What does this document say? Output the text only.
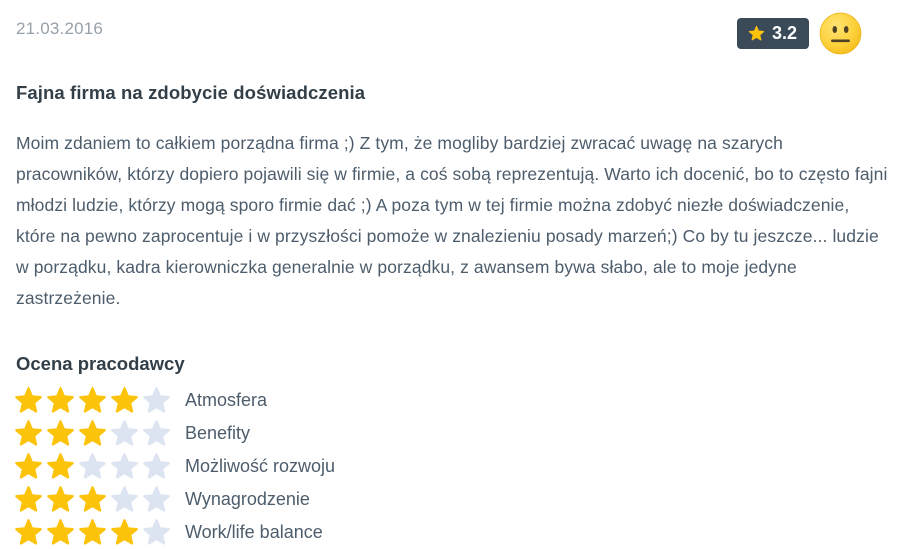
21.03.2016	3.2
Fajna firma na zdobycie doświadczenia

Moim zdaniem to całkiem porządna firma ;) Z tym, że mogliby bardziej zwracać uwagę na szarych pracowników, którzy dopiero pojawili się w firmie, a coś sobą reprezentują. Warto ich docenić, bo to często fajni młodzi ludzie, którzy mogą sporo firmie dać ;) A poza tym w tej firmie można zdobyć niezłe doświadczenie, które na pewno zaprocentuje i w przyszłości pomoże w znalezieniu posady marzeń;) Co by tu jeszcze... ludzie w porządku, kadra kierowniczka generalnie w porządku, z awansem bywa słabo, ale to moje jedyne zastrzeżenie.

Ocena pracodawcy
Atmosfera
Benefity
Możliwość rozwoju
Wynagrodzenie
Work/life balance
